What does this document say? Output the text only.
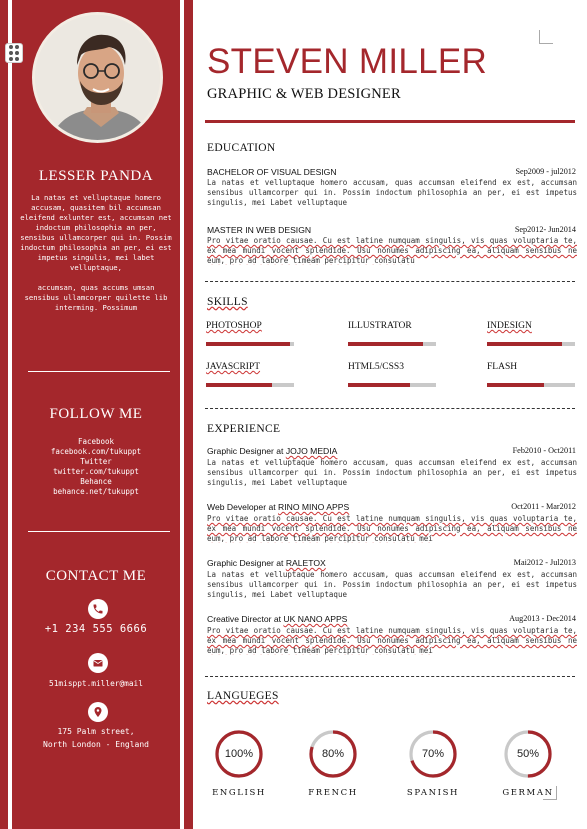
LESSER PANDA
La natas et velluptaque homero accusam, quasitem bil accumsan eleifend exlunter est, accumsan net indoctum philosophia an per, sensibus ullamcorper qui in. Possim indoctum philosophia an per, ei est impetus singulis, mei labet velluptaque,

accumsan, quas accums umsan sensibus ullamcorper quilette lib interming. Possimum
FOLLOW ME
Facebook
facebook.com/tukuppt
Twitter
twitter.com/tukuppt
Behance
behance.net/tukuppt
CONTACT ME
+1 234 555 6666
51misppt.miller@mail
175 Palm street,
North London - England
STEVEN MILLER
GRAPHIC & WEB DESIGNER
EDUCATION
BACHELOR OF VISUAL DESIGN	Sep2009 - jul2012
La natas et velluptaque homero accusam, quas accumsan eleifend ex est, accumsan sensibus ullamcorper qui in. Possim indoctum philosophia an per, ei est impetus singulis, mei Labet velluptaque
MASTER IN WEB DESIGN	Sep2012- Jun2014
Pro vitae oratio causae. Cu est latine numquam singulis, vis quas voluptaria te, ex mea mundi vocent splendide. Usu nonumes adipiscing ea, aliquam sensibus ne eum, pro ad labore timeam percipitur consulatu
SKILLS
PHOTOSHOP	ILLUSTRATOR	INDESIGN
JAVASCRIPT	HTML5/CSS3	FLASH
EXPERIENCE
Graphic Designer at JOJO MEDIA	Feb2010 - Oct2011
La natas et velluptaque homero accusam, quas accumsan eleifend ex est, accumsan sensibus ullamcorper qui in. Possim indoctum philosophia an per, ei est impetus singulis, mei Labet velluptaque
Web Developer at RINO MINO APPS	Oct2011 - Mar2012
Pro vitae oratio causae. Cu est latine numquam singulis, vis quas voluptaria te, ex mea mundi vocent splendide. Usu nonumes adipiscing ea, aliquam sensibus ne eum, pro ad labore timeam percipitur consulatu mei
Graphic Designer at RALETOX	Mai2012 - Jul2013
La natas et velluptaque homero accusam, quas accumsan eleifend ex est, accumsan sensibus ullamcorper qui in. Possim indoctum philosophia an per, ei est impetus singulis, mei Labet velluptaque
Creative Director at UK NANO APPS	Aug2013 - Dec2014
Pro vitae oratio causae. Cu est latine numquam singulis, vis quas voluptaria te, ex mea mundi vocent splendide. Usu nonumes adipiscing ea, aliquam sensibus ne eum, pro ad labore timeam percipitur consulatu mei
LANGUEGES
100%
ENGLISH
80%
FRENCH
70%
SPANISH
50%
GERMAN
